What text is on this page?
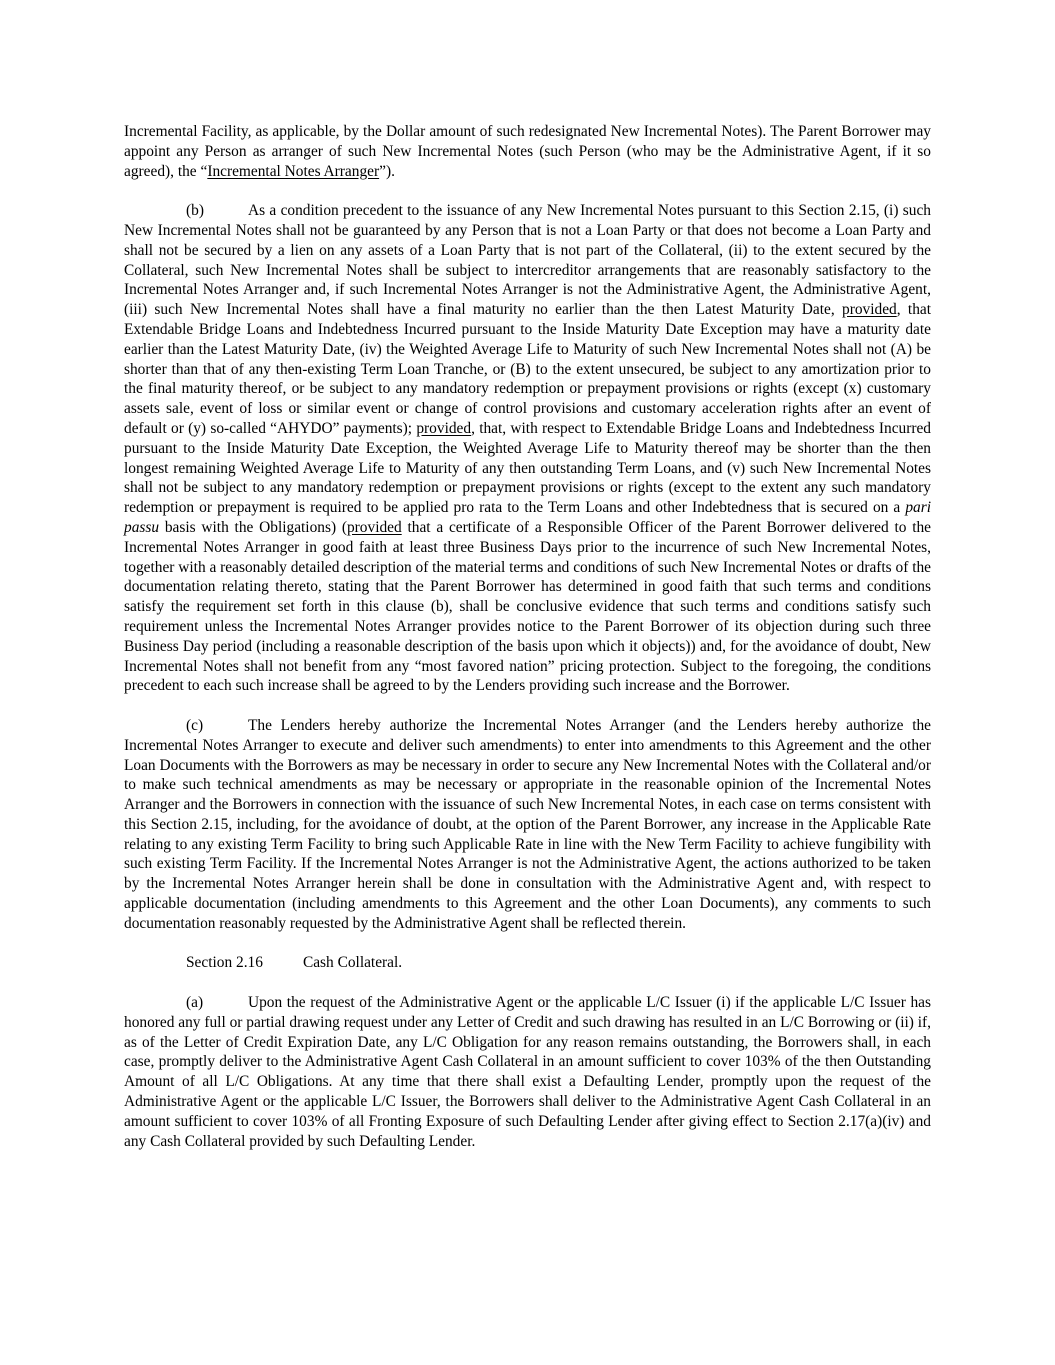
Incremental Facility, as applicable, by the Dollar amount of such redesignated New Incremental Notes). The Parent Borrower may appoint any Person as arranger of such New Incremental Notes (such Person (who may be the Administrative Agent, if it so agreed), the “Incremental Notes Arranger”).

(b)	As a condition precedent to the issuance of any New Incremental Notes pursuant to this Section 2.15, (i) such New Incremental Notes shall not be guaranteed by any Person that is not a Loan Party or that does not become a Loan Party and shall not be secured by a lien on any assets of a Loan Party that is not part of the Collateral, (ii) to the extent secured by the Collateral, such New Incremental Notes shall be subject to intercreditor arrangements that are reasonably satisfactory to the Incremental Notes Arranger and, if such Incremental Notes Arranger is not the Administrative Agent, the Administrative Agent, (iii) such New Incremental Notes shall have a final maturity no earlier than the then Latest Maturity Date, provided, that Extendable Bridge Loans and Indebtedness Incurred pursuant to the Inside Maturity Date Exception may have a maturity date earlier than the Latest Maturity Date, (iv) the Weighted Average Life to Maturity of such New Incremental Notes shall not (A) be shorter than that of any then-existing Term Loan Tranche, or (B) to the extent unsecured, be subject to any amortization prior to the final maturity thereof, or be subject to any mandatory redemption or prepayment provisions or rights (except (x) customary assets sale, event of loss or similar event or change of control provisions and customary acceleration rights after an event of default or (y) so-called “AHYDO” payments); provided, that, with respect to Extendable Bridge Loans and Indebtedness Incurred pursuant to the Inside Maturity Date Exception, the Weighted Average Life to Maturity thereof may be shorter than the then longest remaining Weighted Average Life to Maturity of any then outstanding Term Loans, and (v) such New Incremental Notes shall not be subject to any mandatory redemption or prepayment provisions or rights (except to the extent any such mandatory redemption or prepayment is required to be applied pro rata to the Term Loans and other Indebtedness that is secured on a pari passu basis with the Obligations) (provided that a certificate of a Responsible Officer of the Parent Borrower delivered to the Incremental Notes Arranger in good faith at least three Business Days prior to the incurrence of such New Incremental Notes, together with a reasonably detailed description of the material terms and conditions of such New Incremental Notes or drafts of the documentation relating thereto, stating that the Parent Borrower has determined in good faith that such terms and conditions satisfy the requirement set forth in this clause (b), shall be conclusive evidence that such terms and conditions satisfy such requirement unless the Incremental Notes Arranger provides notice to the Parent Borrower of its objection during such three Business Day period (including a reasonable description of the basis upon which it objects)) and, for the avoidance of doubt, New Incremental Notes shall not benefit from any “most favored nation” pricing protection. Subject to the foregoing, the conditions precedent to each such increase shall be agreed to by the Lenders providing such increase and the Borrower.

(c)	The Lenders hereby authorize the Incremental Notes Arranger (and the Lenders hereby authorize the Incremental Notes Arranger to execute and deliver such amendments) to enter into amendments to this Agreement and the other Loan Documents with the Borrowers as may be necessary in order to secure any New Incremental Notes with the Collateral and/or to make such technical amendments as may be necessary or appropriate in the reasonable opinion of the Incremental Notes Arranger and the Borrowers in connection with the issuance of such New Incremental Notes, in each case on terms consistent with this Section 2.15, including, for the avoidance of doubt, at the option of the Parent Borrower, any increase in the Applicable Rate relating to any existing Term Facility to bring such Applicable Rate in line with the New Term Facility to achieve fungibility with such existing Term Facility. If the Incremental Notes Arranger is not the Administrative Agent, the actions authorized to be taken by the Incremental Notes Arranger herein shall be done in consultation with the Administrative Agent and, with respect to applicable documentation (including amendments to this Agreement and the other Loan Documents), any comments to such documentation reasonably requested by the Administrative Agent shall be reflected therein.

Section 2.16	Cash Collateral.

(a)	Upon the request of the Administrative Agent or the applicable L/C Issuer (i) if the applicable L/C Issuer has honored any full or partial drawing request under any Letter of Credit and such drawing has resulted in an L/C Borrowing or (ii) if, as of the Letter of Credit Expiration Date, any L/C Obligation for any reason remains outstanding, the Borrowers shall, in each case, promptly deliver to the Administrative Agent Cash Collateral in an amount sufficient to cover 103% of the then Outstanding Amount of all L/C Obligations. At any time that there shall exist a Defaulting Lender, promptly upon the request of the Administrative Agent or the applicable L/C Issuer, the Borrowers shall deliver to the Administrative Agent Cash Collateral in an amount sufficient to cover 103% of all Fronting Exposure of such Defaulting Lender after giving effect to Section 2.17(a)(iv) and any Cash Collateral provided by such Defaulting Lender.
